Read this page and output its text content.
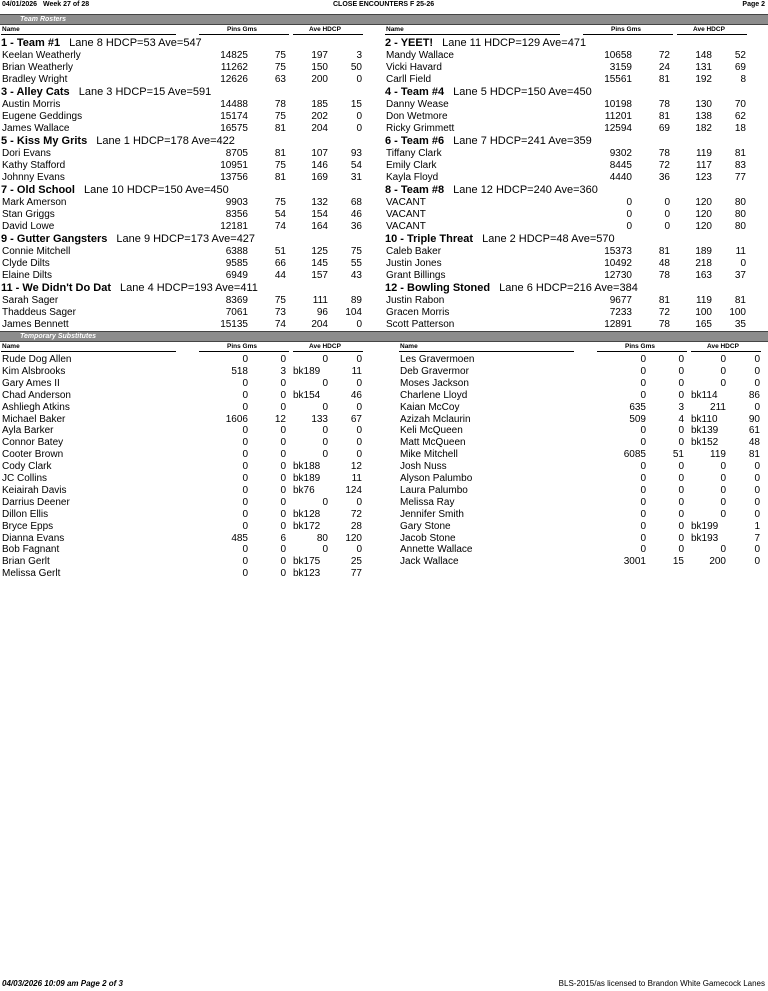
04/01/2026 Week 27 of 28	CLOSE ENCOUNTERS F 25-26	Page 2
Team Rosters
Name	Pins Gms	Ave HDCP
1 - Team #1 Lane 8 HDCP=53 Ave=547
Keelan Weatherly	14825	75	197	3
Brian Weatherly	11262	75	150	50
Bradley Wright	12626	63	200	0
3 - Alley Cats Lane 3 HDCP=15 Ave=591
Austin Morris	14488	78	185	15
Eugene Geddings	15174	75	202	0
James Wallace	16575	81	204	0
5 - Kiss My Grits Lane 1 HDCP=178 Ave=422
Dori Evans	8705	81	107	93
Kathy Stafford	10951	75	146	54
Johnny Evans	13756	81	169	31
7 - Old School Lane 10 HDCP=150 Ave=450
Mark Amerson	9903	75	132	68
Stan Griggs	8356	54	154	46
David Lowe	12181	74	164	36
9 - Gutter Gangsters Lane 9 HDCP=173 Ave=427
Connie Mitchell	6388	51	125	75
Clyde Dilts	9585	66	145	55
Elaine Dilts	6949	44	157	43
11 - We Didn't Do Dat Lane 4 HDCP=193 Ave=411
Sarah Sager	8369	75	111	89
Thaddeus Sager	7061	73	96	104
James Bennett	15135	74	204	0
Name	Pins Gms	Ave HDCP
2 - YEET! Lane 11 HDCP=129 Ave=471
Mandy Wallace	10658	72	148	52
Vicki Havard	3159	24	131	69
Carll Field	15561	81	192	8
4 - Team #4 Lane 5 HDCP=150 Ave=450
Danny Wease	10198	78	130	70
Don Wetmore	11201	81	138	62
Ricky Grimmett	12594	69	182	18
6 - Team #6 Lane 7 HDCP=241 Ave=359
Tiffany Clark	9302	78	119	81
Emily Clark	8445	72	117	83
Kayla Floyd	4440	36	123	77
8 - Team #8 Lane 12 HDCP=240 Ave=360
VACANT	0	0	120	80
VACANT	0	0	120	80
VACANT	0	0	120	80
10 - Triple Threat Lane 2 HDCP=48 Ave=570
Caleb Baker	15373	81	189	11
Justin Jones	10492	48	218	0
Grant Billings	12730	78	163	37
12 - Bowling Stoned Lane 6 HDCP=216 Ave=384
Justin Rabon	9677	81	119	81
Gracen Morris	7233	72	100	100
Scott Patterson	12891	78	165	35
Temporary Substitutes
Name	Pins Gms	Ave HDCP
Rude Dog Allen	0	0	0	0
Kim Alsbrooks	518	3 bk189	11
Gary Ames II	0	0	0	0
Chad Anderson	0	0 bk154	46
Ashliegh Atkins	0	0	0	0
Michael Baker	1606	12	133	67
Ayla Barker	0	0	0	0
Connor Batey	0	0	0	0
Cooter Brown	0	0	0	0
Cody Clark	0	0 bk188	12
JC Collins	0	0 bk189	11
Keiairah Davis	0	0 bk76	124
Darrius Deener	0	0	0	0
Dillon Ellis	0	0 bk128	72
Bryce Epps	0	0 bk172	28
Dianna Evans	485	6	80	120
Bob Fagnant	0	0	0	0
Brian Gerlt	0	0 bk175	25
Melissa Gerlt	0	0 bk123	77
Name	Pins Gms	Ave HDCP
Les Gravermoen	0	0	0	0
Deb Gravermor	0	0	0	0
Moses Jackson	0	0	0	0
Charlene Lloyd	0	0 bk114	86
Kaian McCoy	635	3	211	0
Azizah Mclaurin	509	4 bk110	90
Keli McQueen	0	0 bk139	61
Matt McQueen	0	0 bk152	48
Mike Mitchell	6085	51	119	81
Josh Nuss	0	0	0	0
Alyson Palumbo	0	0	0	0
Laura Palumbo	0	0	0	0
Melissa Ray	0	0	0	0
Jennifer Smith	0	0	0	0
Gary Stone	0	0 bk199	1
Jacob Stone	0	0 bk193	7
Annette Wallace	0	0	0	0
Jack Wallace	3001	15	200	0
04/03/2026 10:09 am Page 2 of 3	BLS-2015/as licensed to Brandon White Gamecock Lanes
